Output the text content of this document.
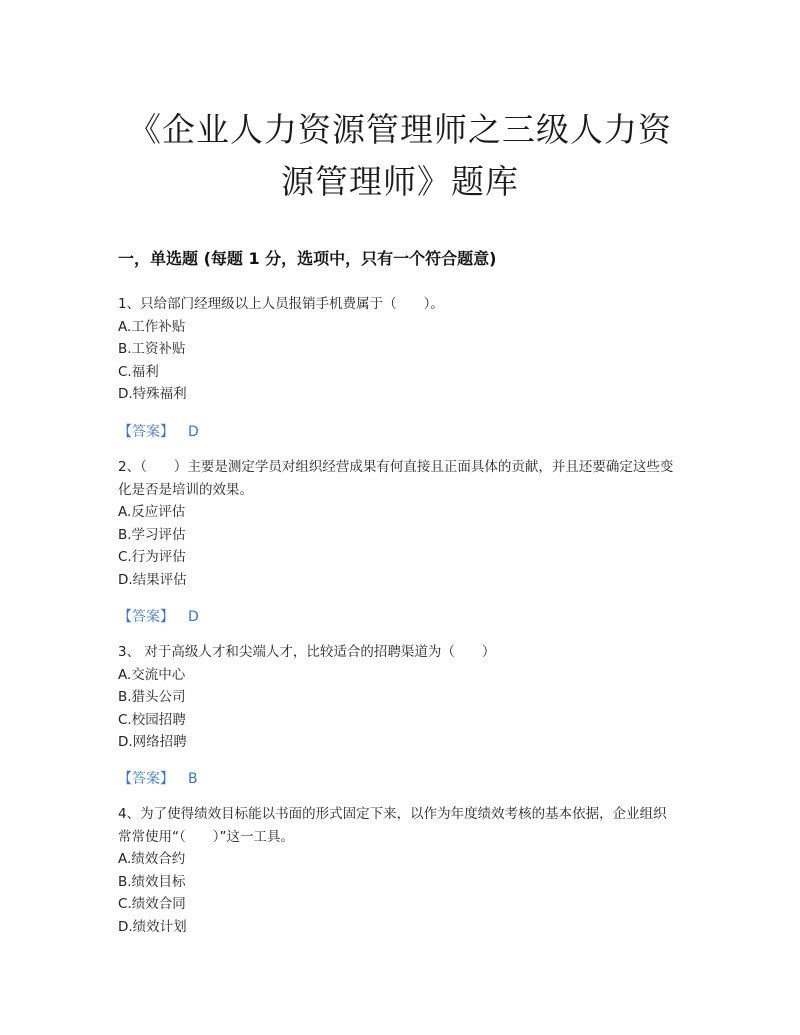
《企业人力资源管理师之三级人力资
源管理师》题库
一，单选题 (每题 1 分，选项中，只有一个符合题意)
1、只给部门经理级以上人员报销手机费属于（　　）。
A.工作补贴
B.工资补贴
C.福利
D.特殊福利
【答案】 D
2、（　　）主要是测定学员对组织经营成果有何直接且正面具体的贡献，并且还要确定这些变化是否是培训的效果。
A.反应评估
B.学习评估
C.行为评估
D.结果评估
【答案】 D
3、 对于高级人才和尖端人才，比较适合的招聘渠道为（　　）
A.交流中心
B.猎头公司
C.校园招聘
D.网络招聘
【答案】 B
4、为了使得绩效目标能以书面的形式固定下来，以作为年度绩效考核的基本依据，企业组织常常使用“（　　）”这一工具。
A.绩效合约
B.绩效目标
C.绩效合同
D.绩效计划
